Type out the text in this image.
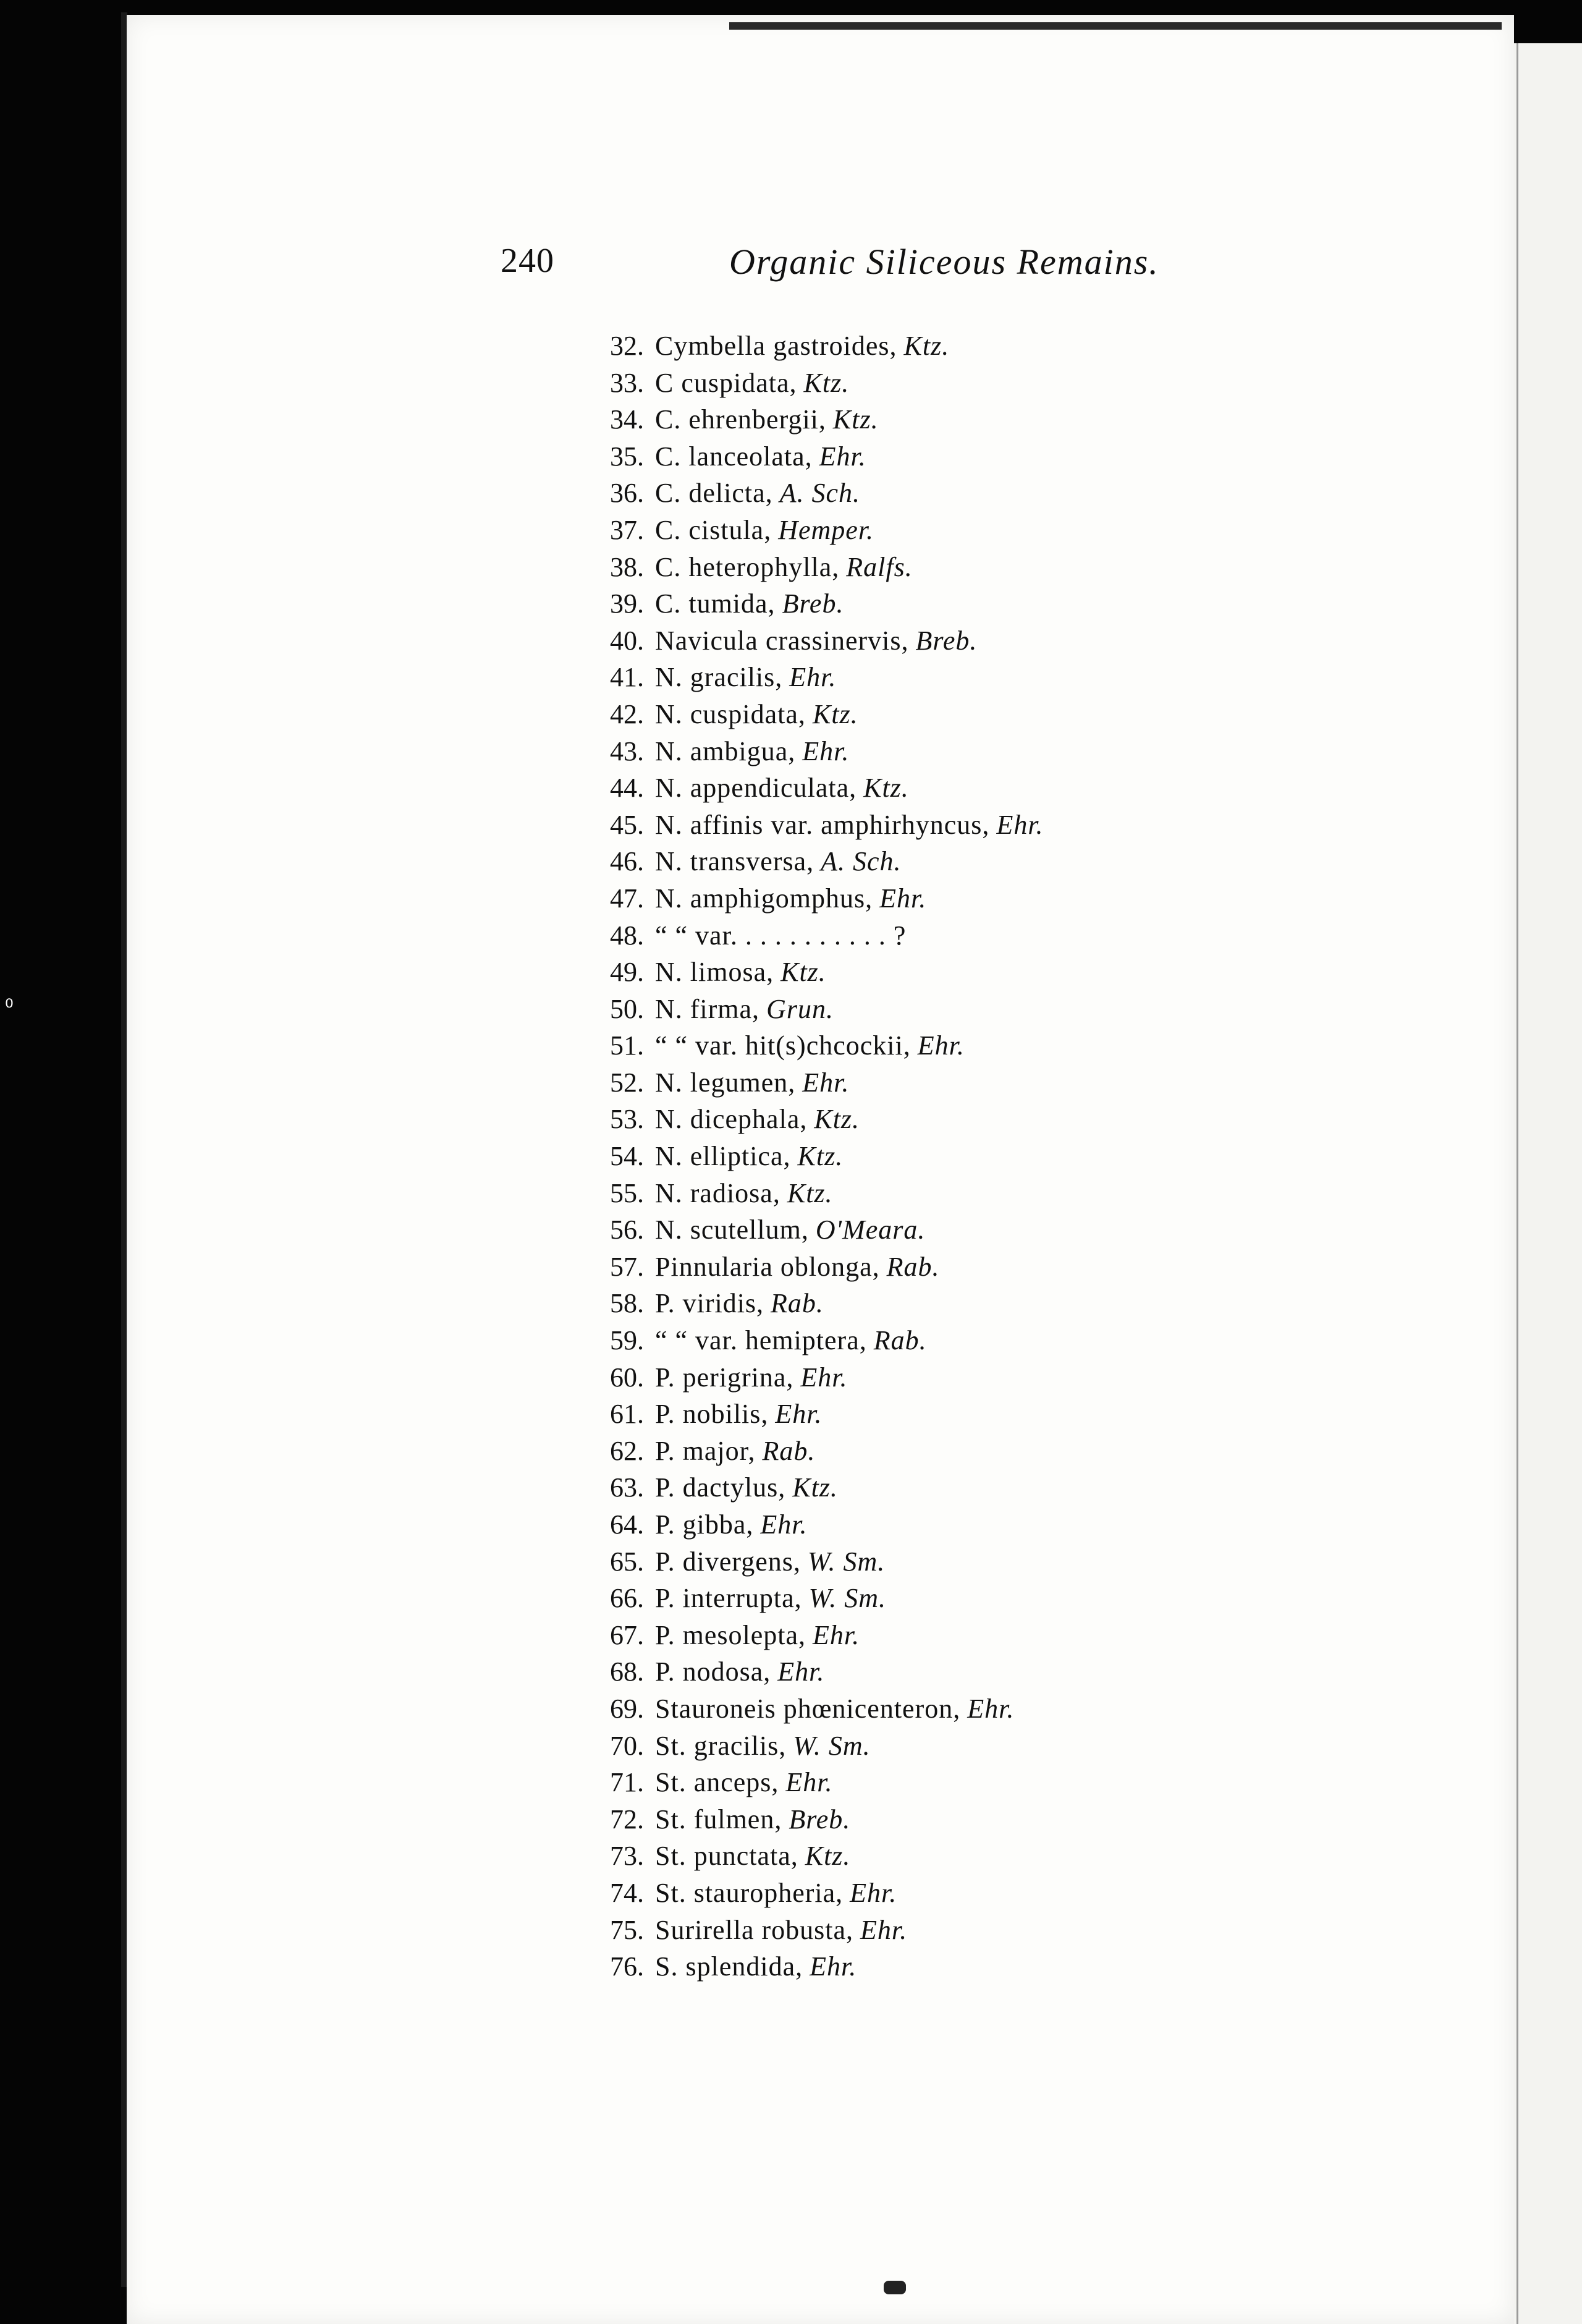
⁰
240	Organic Siliceous Remains.
32. Cymbella gastroides, Ktz.
33. C cuspidata, Ktz.
34. C. ehrenbergii, Ktz.
35. C. lanceolata, Ehr.
36. C. delicta, A. Sch.
37. C. cistula, Hemper.
38. C. heterophylla, Ralfs.
39. C. tumida, Breb.
40. Navicula crassinervis, Breb.
41. N. gracilis, Ehr.
42. N. cuspidata, Ktz.
43. N. ambigua, Ehr.
44. N. appendiculata, Ktz.
45. N. affinis var. amphirhyncus, Ehr.
46. N. transversa, A. Sch.
47. N. amphigomphus, Ehr.
48. “ “ var. . . . . . . . . . . ?
49. N. limosa, Ktz.
50. N. firma, Grun.
51. “ “ var. hit(s)chcockii, Ehr.
52. N. legumen, Ehr.
53. N. dicephala, Ktz.
54. N. elliptica, Ktz.
55. N. radiosa, Ktz.
56. N. scutellum, O'Meara.
57. Pinnularia oblonga, Rab.
58. P. viridis, Rab.
59. “ “ var. hemiptera, Rab.
60. P. perigrina, Ehr.
61. P. nobilis, Ehr.
62. P. major, Rab.
63. P. dactylus, Ktz.
64. P. gibba, Ehr.
65. P. divergens, W. Sm.
66. P. interrupta, W. Sm.
67. P. mesolepta, Ehr.
68. P. nodosa, Ehr.
69. Stauroneis phœnicenteron, Ehr.
70. St. gracilis, W. Sm.
71. St. anceps, Ehr.
72. St. fulmen, Breb.
73. St. punctata, Ktz.
74. St. stauropheria, Ehr.
75. Surirella robusta, Ehr.
76. S. splendida, Ehr.
